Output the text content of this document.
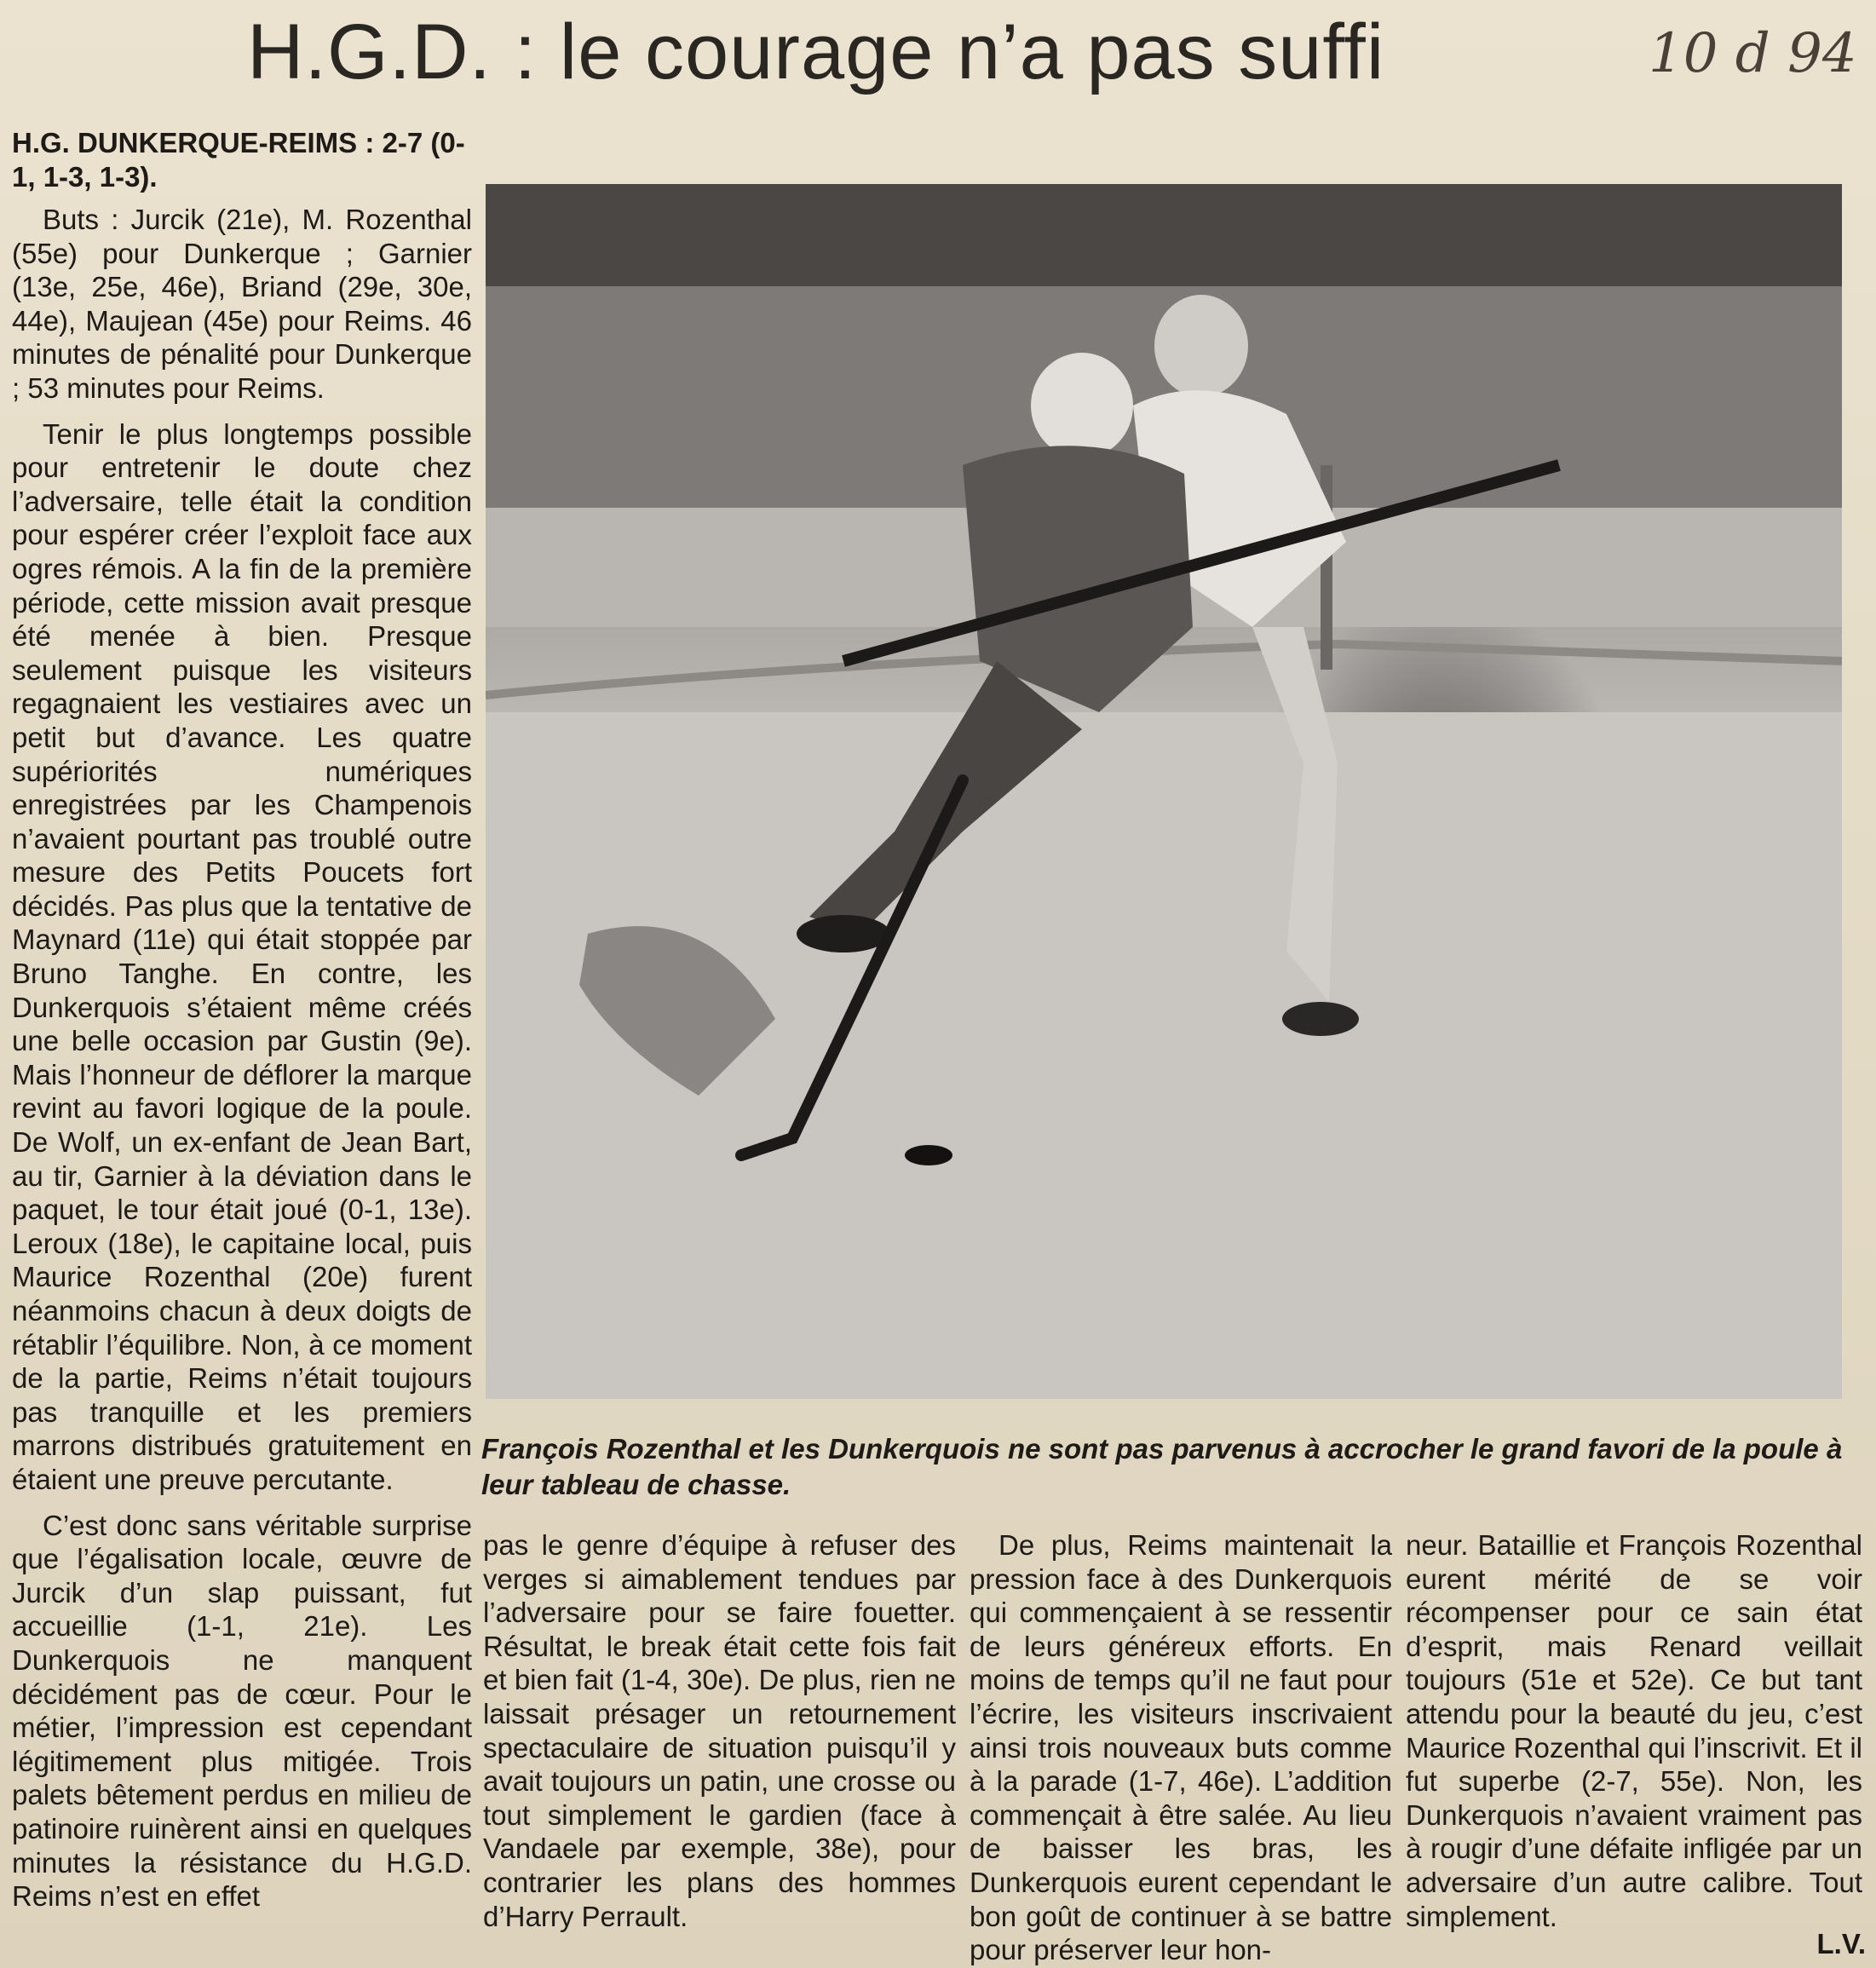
H.G.D. : le courage n’a pas suffi	10 d 94
H.G. DUNKERQUE-REIMS : 2-7 (0-1, 1-3, 1-3).

Buts : Jurcik (21e), M. Rozenthal (55e) pour Dunkerque ; Garnier (13e, 25e, 46e), Briand (29e, 30e, 44e), Maujean (45e) pour Reims. 46 minutes de pénalité pour Dunkerque ; 53 minutes pour Reims.

Tenir le plus longtemps possible pour entretenir le doute chez l’adversaire, telle était la condition pour espérer créer l’exploit face aux ogres rémois. A la fin de la première période, cette mission avait presque été menée à bien. Presque seulement puisque les visiteurs regagnaient les vestiaires avec un petit but d’avance. Les quatre supériorités numériques enregistrées par les Champenois n’avaient pourtant pas troublé outre mesure des Petits Poucets fort décidés. Pas plus que la tentative de Maynard (11e) qui était stoppée par Bruno Tanghe. En contre, les Dunkerquois s’étaient même créés une belle occasion par Gustin (9e). Mais l’honneur de déflorer la marque revint au favori logique de la poule. De Wolf, un ex-enfant de Jean Bart, au tir, Garnier à la déviation dans le paquet, le tour était joué (0-1, 13e). Leroux (18e), le capitaine local, puis Maurice Rozenthal (20e) furent néanmoins chacun à deux doigts de rétablir l’équilibre. Non, à ce moment de la partie, Reims n’était toujours pas tranquille et les premiers marrons distribués gratuitement en étaient une preuve percutante.

C’est donc sans véritable surprise que l’égalisation locale, œuvre de Jurcik d’un slap puissant, fut accueillie (1-1, 21e). Les Dunkerquois ne manquent décidément pas de cœur. Pour le métier, l’impression est cependant légitimement plus mitigée. Trois palets bêtement perdus en milieu de patinoire ruinèrent ainsi en quelques minutes la résistance du H.G.D. Reims n’est en effet

François Rozenthal et les Dunkerquois ne sont pas parvenus à accrocher le grand favori de la poule à leur tableau de chasse.

pas le genre d’équipe à refuser des verges si aimablement tendues par l’adversaire pour se faire fouetter. Résultat, le break était cette fois fait et bien fait (1-4, 30e). De plus, rien ne laissait présager un retournement spectaculaire de situation puisqu’il y avait toujours un patin, une crosse ou tout simplement le gardien (face à Vandaele par exemple, 38e), pour contrarier les plans des hommes d’Harry Perrault.

De plus, Reims maintenait la pression face à des Dunkerquois qui commençaient à se ressentir de leurs généreux efforts. En moins de temps qu’il ne faut pour l’écrire, les visiteurs inscrivaient ainsi trois nouveaux buts comme à la parade (1-7, 46e). L’addition commençait à être salée. Au lieu de baisser les bras, les Dunkerquois eurent cependant le bon goût de continuer à se battre pour préserver leur hon-

neur. Bataillie et François Rozenthal eurent mérité de se voir récompenser pour ce sain état d’esprit, mais Renard veillait toujours (51e et 52e). Ce but tant attendu pour la beauté du jeu, c’est Maurice Rozenthal qui l’inscrivit. Et il fut superbe (2-7, 55e). Non, les Dunkerquois n’avaient vraiment pas à rougir d’une défaite infligée par un adversaire d’un autre calibre. Tout simplement.

L.V.
